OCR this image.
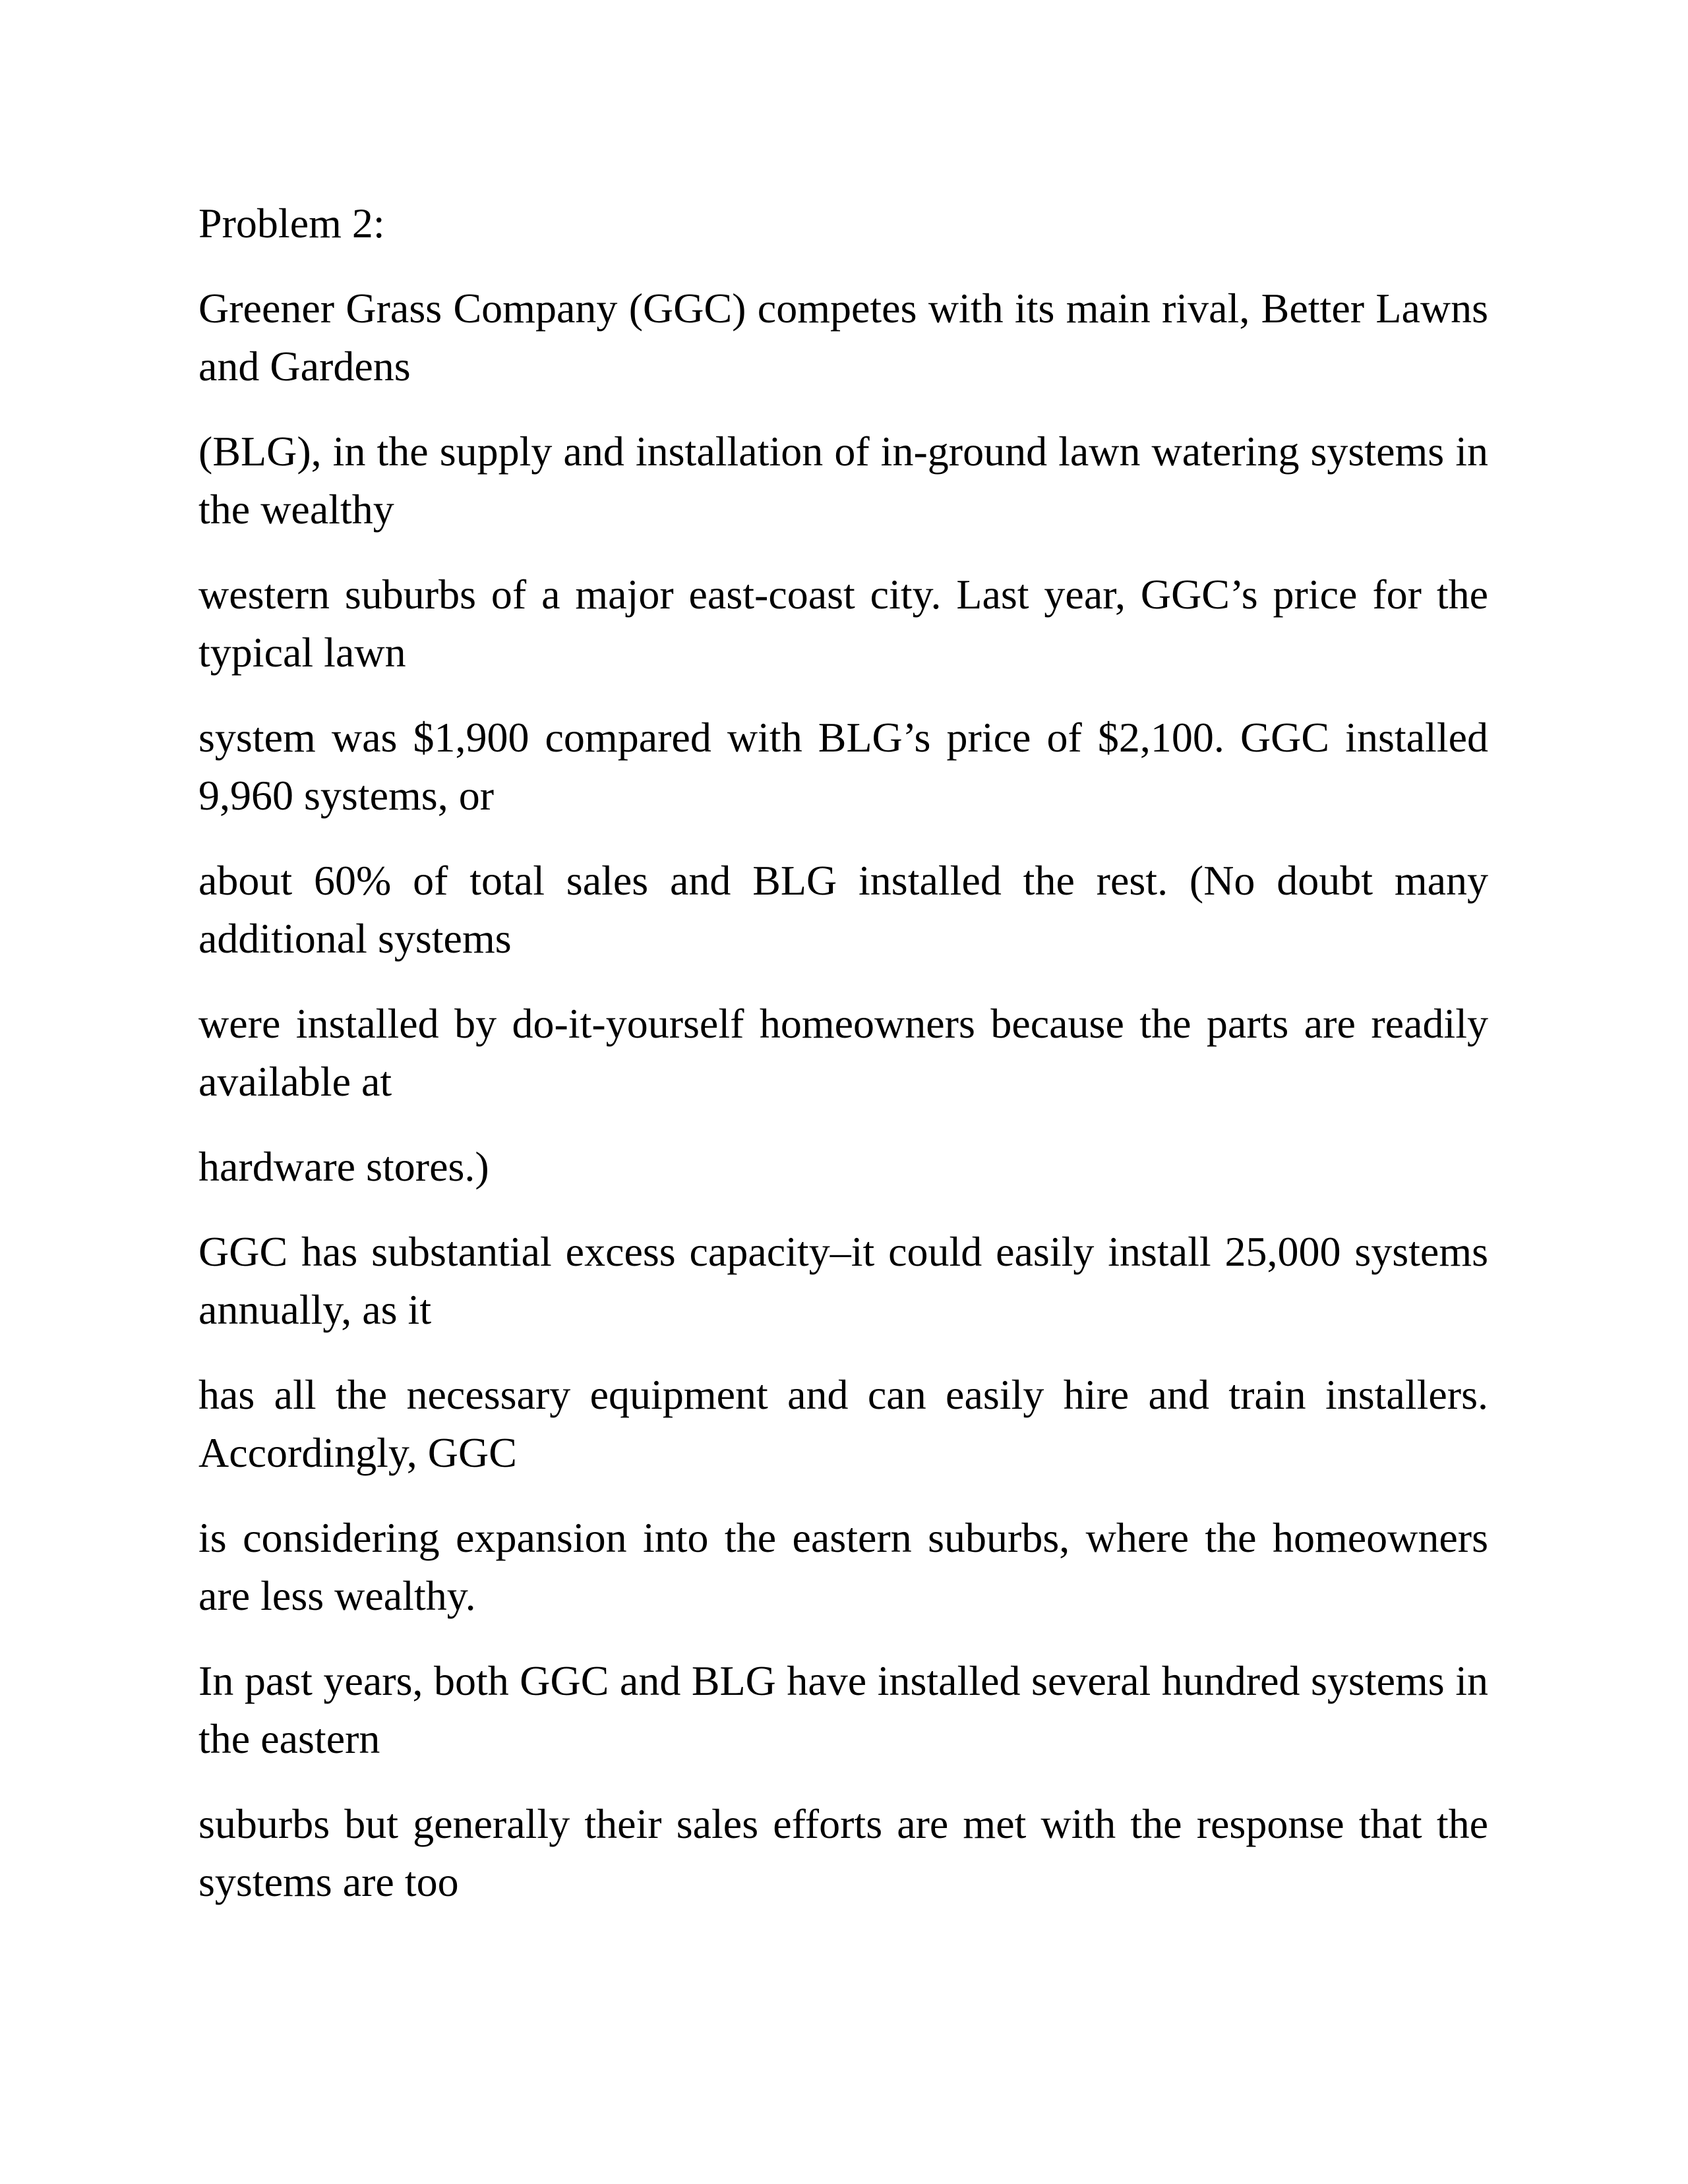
Problem 2:

Greener Grass Company (GGC) competes with its main rival, Better Lawns and Gardens

(BLG), in the supply and installation of in-ground lawn watering systems in the wealthy

western suburbs of a major east-coast city. Last year, GGC’s price for the typical lawn

system was $1,900 compared with BLG’s price of $2,100. GGC installed 9,960 systems, or

about 60% of total sales and BLG installed the rest. (No doubt many additional systems

were installed by do-it-yourself homeowners because the parts are readily available at

hardware stores.)

GGC has substantial excess capacity–it could easily install 25,000 systems annually, as it

has all the necessary equipment and can easily hire and train installers. Accordingly, GGC

is considering expansion into the eastern suburbs, where the homeowners are less wealthy.

In past years, both GGC and BLG have installed several hundred systems in the eastern

suburbs but generally their sales efforts are met with the response that the systems are too
